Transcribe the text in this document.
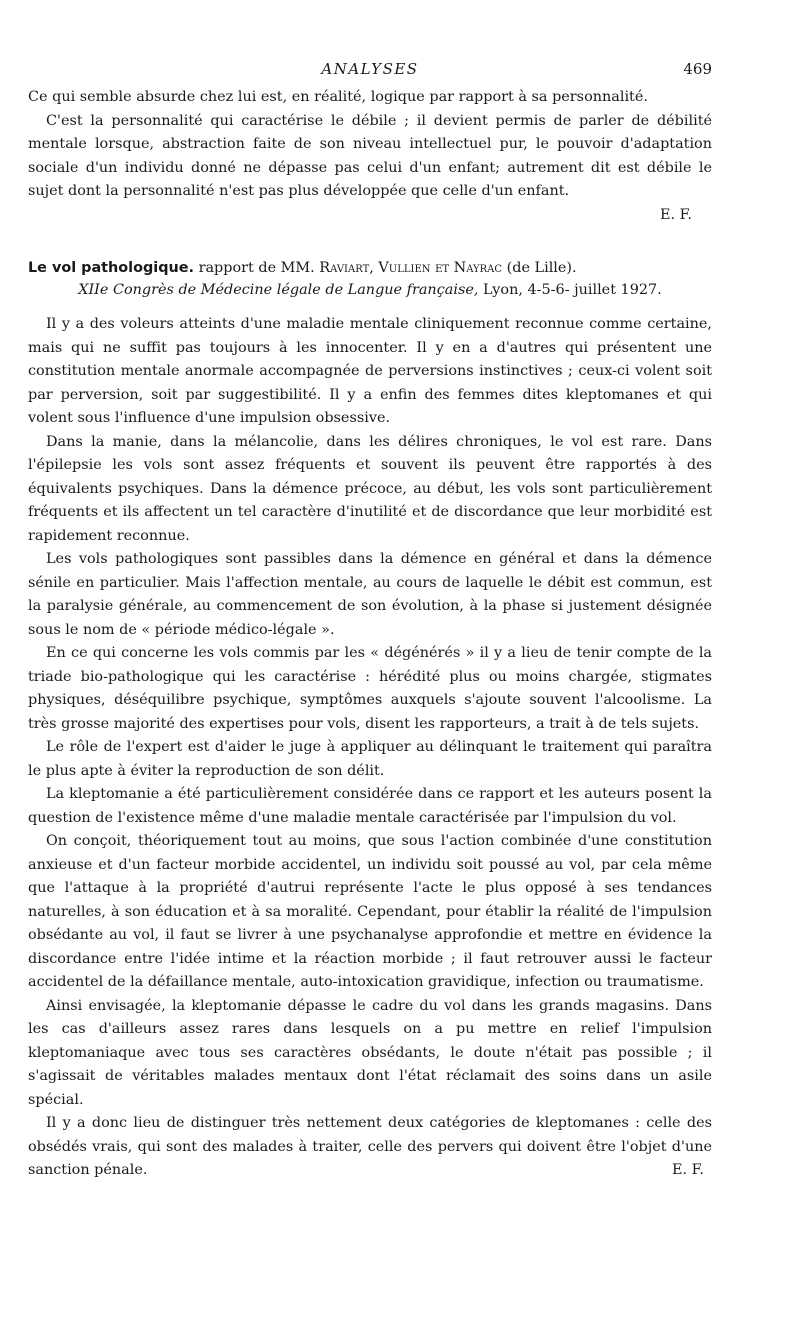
ANALYSES	469

Ce qui semble absurde chez lui est, en réalité, logique par rapport à sa personnalité.

C'est la personnalité qui caractérise le débile ; il devient permis de parler de débilité mentale lorsque, abstraction faite de son niveau intellectuel pur, le pouvoir d'adaptation sociale d'un individu donné ne dépasse pas celui d'un enfant; autrement dit est débile le sujet dont la personnalité n'est pas plus développée que celle d'un enfant.

E. F.
Le vol pathologique. rapport de MM. Raviart, Vullien et Nayrac (de Lille).
XIIe Congrès de Médecine légale de Langue française, Lyon, 4-5-6- juillet 1927.

Il y a des voleurs atteints d'une maladie mentale cliniquement reconnue comme certaine, mais qui ne suffit pas toujours à les innocenter. Il y en a d'autres qui présentent une constitution mentale anormale accompagnée de perversions instinctives ; ceux-ci volent soit par perversion, soit par suggestibilité. Il y a enfin des femmes dites kleptomanes et qui volent sous l'influence d'une impulsion obsessive.

Dans la manie, dans la mélancolie, dans les délires chroniques, le vol est rare. Dans l'épilepsie les vols sont assez fréquents et souvent ils peuvent être rapportés à des équivalents psychiques. Dans la démence précoce, au début, les vols sont particulièrement fréquents et ils affectent un tel caractère d'inutilité et de discordance que leur morbidité est rapidement reconnue.

Les vols pathologiques sont passibles dans la démence en général et dans la démence sénile en particulier. Mais l'affection mentale, au cours de laquelle le débit est commun, est la paralysie générale, au commencement de son évolution, à la phase si justement désignée sous le nom de « période médico-légale ».

En ce qui concerne les vols commis par les « dégénérés » il y a lieu de tenir compte de la triade bio-pathologique qui les caractérise : hérédité plus ou moins chargée, stigmates physiques, déséquilibre psychique, symptômes auxquels s'ajoute souvent l'alcoolisme. La très grosse majorité des expertises pour vols, disent les rapporteurs, a trait à de tels sujets.

Le rôle de l'expert est d'aider le juge à appliquer au délinquant le traitement qui paraîtra le plus apte à éviter la reproduction de son délit.

La kleptomanie a été particulièrement considérée dans ce rapport et les auteurs posent la question de l'existence même d'une maladie mentale caractérisée par l'impulsion du vol.

On conçoit, théoriquement tout au moins, que sous l'action combinée d'une constitution anxieuse et d'un facteur morbide accidentel, un individu soit poussé au vol, par cela même que l'attaque à la propriété d'autrui représente l'acte le plus opposé à ses tendances naturelles, à son éducation et à sa moralité. Cependant, pour établir la réalité de l'impulsion obsédante au vol, il faut se livrer à une psychanalyse approfondie et mettre en évidence la discordance entre l'idée intime et la réaction morbide ; il faut retrouver aussi le facteur accidentel de la défaillance mentale, auto-intoxication gravidique, infection ou traumatisme.

Ainsi envisagée, la kleptomanie dépasse le cadre du vol dans les grands magasins. Dans les cas d'ailleurs assez rares dans lesquels on a pu mettre en relief l'impulsion kleptomaniaque avec tous ses caractères obsédants, le doute n'était pas possible ; il s'agissait de véritables malades mentaux dont l'état réclamait des soins dans un asile spécial.

Il y a donc lieu de distinguer très nettement deux catégories de kleptomanes : celle des obsédés vrais, qui sont des malades à traiter, celle des pervers qui doivent être l'objet d'une sanction pénale.	E. F.
